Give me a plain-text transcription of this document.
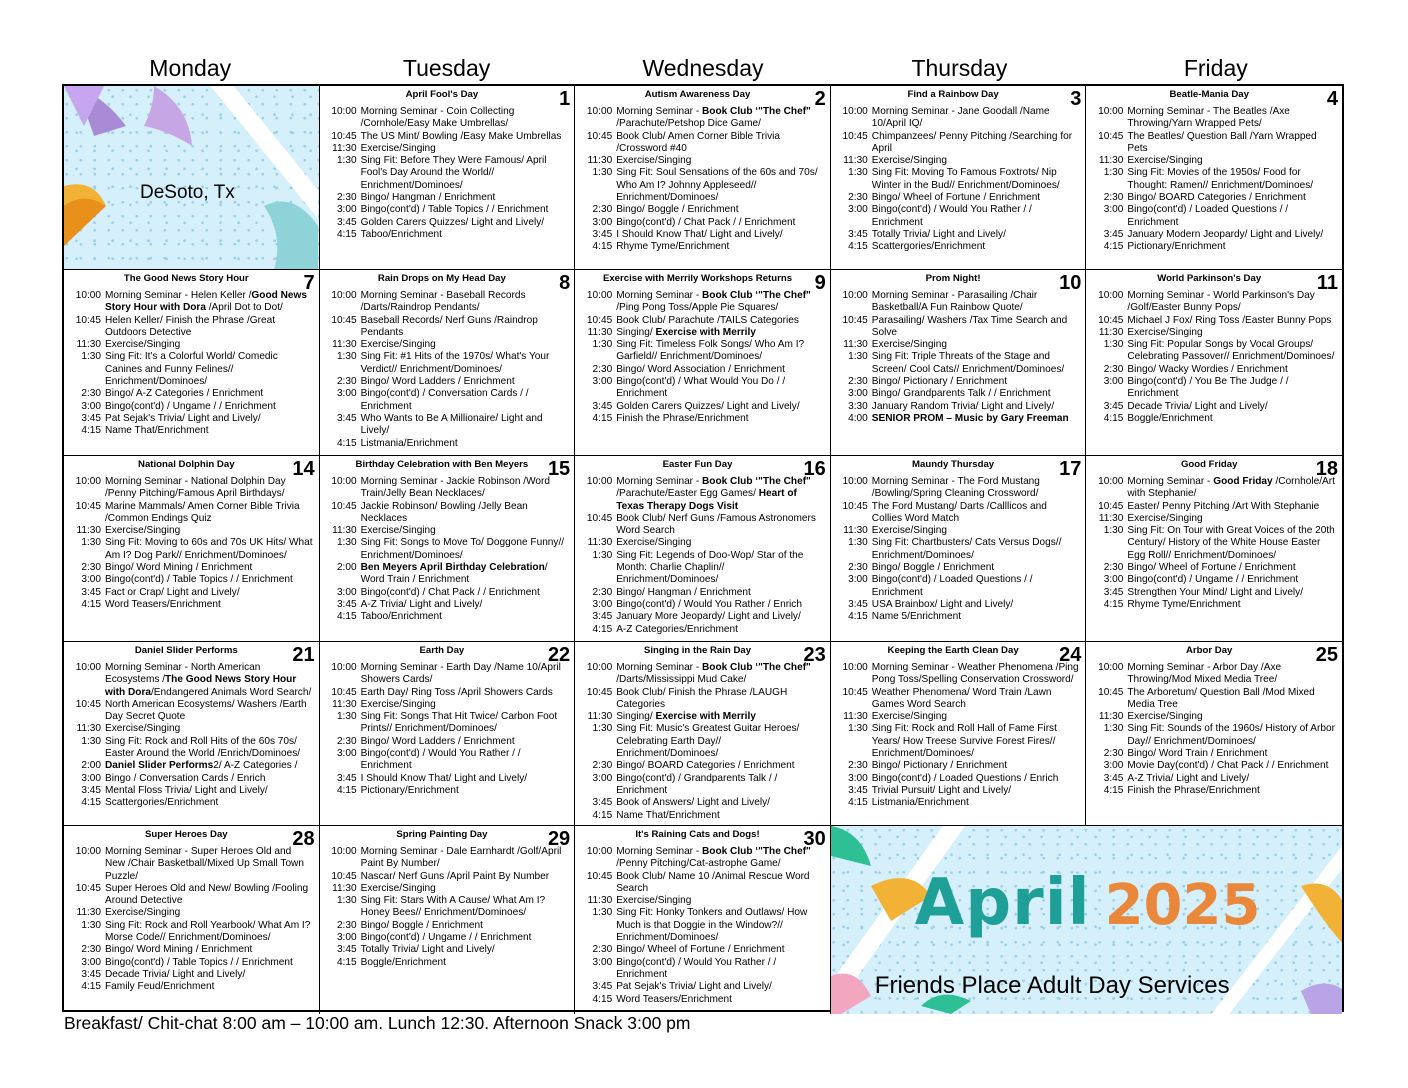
Monday	Tuesday	Wednesday	Thursday	Friday
DeSoto, Tx
April Fool's Day	1
10:00 Morning Seminar - Coin Collecting /Cornhole/Easy Make Umbrellas/
10:45 The US Mint/ Bowling /Easy Make Umbrellas
11:30 Exercise/Singing
1:30 Sing Fit: Before They Were Famous/ April Fool's Day Around the World// Enrichment/Dominoes/
2:30 Bingo/ Hangman / Enrichment
3:00 Bingo(cont'd) / Table Topics / / Enrichment
3:45 Golden Carers Quizzes/ Light and Lively/
4:15 Taboo/Enrichment
Autism Awareness Day	2
10:00 Morning Seminar - Book Club ‘"The Chef" /Parachute/Petshop Dice Game/
10:45 Book Club/ Amen Corner Bible Trivia /Crossword #40
11:30 Exercise/Singing
1:30 Sing Fit: Soul Sensations of the 60s and 70s/ Who Am I? Johnny Appleseed// Enrichment/Dominoes/
2:30 Bingo/ Boggle / Enrichment
3:00 Bingo(cont'd) / Chat Pack / / Enrichment
3:45 I Should Know That/ Light and Lively/
4:15 Rhyme Tyme/Enrichment
Find a Rainbow Day	3
10:00 Morning Seminar - Jane Goodall /Name 10/April IQ/
10:45 Chimpanzees/ Penny Pitching /Searching for April
11:30 Exercise/Singing
1:30 Sing Fit: Moving To Famous Foxtrots/ Nip Winter in the Bud// Enrichment/Dominoes/
2:30 Bingo/ Wheel of Fortune / Enrichment
3:00 Bingo(cont'd) / Would You Rather / / Enrichment
3:45 Totally Trivia/ Light and Lively/
4:15 Scattergories/Enrichment
Beatle-Mania Day	4
10:00 Morning Seminar - The Beatles /Axe Throwing/Yarn Wrapped Pets/
10:45 The Beatles/ Question Ball /Yarn Wrapped Pets
11:30 Exercise/Singing
1:30 Sing Fit: Movies of the 1950s/ Food for Thought: Ramen// Enrichment/Dominoes/
2:30 Bingo/ BOARD Categories / Enrichment
3:00 Bingo(cont'd) / Loaded Questions / / Enrichment
3:45 January Modern Jeopardy/ Light and Lively/
4:15 Pictionary/Enrichment
The Good News Story Hour	7
10:00 Morning Seminar - Helen Keller /Good News Story Hour with Dora /April Dot to Dot/
10:45 Helen Keller/ Finish the Phrase /Great Outdoors Detective
11:30 Exercise/Singing
1:30 Sing Fit: It's a Colorful World/ Comedic Canines and Funny Felines// Enrichment/Dominoes/
2:30 Bingo/ A-Z Categories / Enrichment
3:00 Bingo(cont'd) / Ungame / / Enrichment
3:45 Pat Sejak's Trivia/ Light and Lively/
4:15 Name That/Enrichment
Rain Drops on My Head Day	8
10:00 Morning Seminar - Baseball Records /Darts/Raindrop Pendants/
10:45 Baseball Records/ Nerf Guns /Raindrop Pendants
11:30 Exercise/Singing
1:30 Sing Fit: #1 Hits of the 1970s/ What's Your Verdict// Enrichment/Dominoes/
2:30 Bingo/ Word Ladders / Enrichment
3:00 Bingo(cont'd) / Conversation Cards / / Enrichment
3:45 Who Wants to Be A Millionaire/ Light and Lively/
4:15 Listmania/Enrichment
Exercise with Merrily Workshops Returns	9
10:00 Morning Seminar - Book Club ‘"The Chef" /Ping Pong Toss/Apple Pie Squares/
10:45 Book Club/ Parachute /TAILS Categories
11:30 Singing/ Exercise with Merrily
1:30 Sing Fit: Timeless Folk Songs/ Who Am I? Garfield// Enrichment/Dominoes/
2:30 Bingo/ Word Association / Enrichment
3:00 Bingo(cont'd) / What Would You Do / / Enrichment
3:45 Golden Carers Quizzes/ Light and Lively/
4:15 Finish the Phrase/Enrichment
Prom Night!	10
10:00 Morning Seminar - Parasailing /Chair Basketball/A Fun Rainbow Quote/
10:45 Parasailing/ Washers /Tax Time Search and Solve
11:30 Exercise/Singing
1:30 Sing Fit: Triple Threats of the Stage and Screen/ Cool Cats// Enrichment/Dominoes/
2:30 Bingo/ Pictionary / Enrichment
3:00 Bingo/ Grandparents Talk / / Enrichment
3:30 January Random Trivia/ Light and Lively/
4:00 SENIOR PROM – Music by Gary Freeman
World Parkinson's Day	11
10:00 Morning Seminar - World Parkinson's Day /Golf/Easter Bunny Pops/
10:45 Michael J Fox/ Ring Toss /Easter Bunny Pops
11:30 Exercise/Singing
1:30 Sing Fit: Popular Songs by Vocal Groups/ Celebrating Passover// Enrichment/Dominoes/
2:30 Bingo/ Wacky Wordies / Enrichment
3:00 Bingo(cont'd) / You Be The Judge / / Enrichment
3:45 Decade Trivia/ Light and Lively/
4:15 Boggle/Enrichment
National Dolphin Day	14
10:00 Morning Seminar - National Dolphin Day /Penny Pitching/Famous April Birthdays/
10:45 Marine Mammals/ Amen Corner Bible Trivia /Common Endings Quiz
11:30 Exercise/Singing
1:30 Sing Fit: Moving to 60s and 70s UK Hits/ What Am I? Dog Park// Enrichment/Dominoes/
2:30 Bingo/ Word Mining / Enrichment
3:00 Bingo(cont'd) / Table Topics / / Enrichment
3:45 Fact or Crap/ Light and Lively/
4:15 Word Teasers/Enrichment
Birthday Celebration with Ben Meyers 15
10:00 Morning Seminar - Jackie Robinson /Word Train/Jelly Bean Necklaces/
10:45 Jackie Robinson/ Bowling /Jelly Bean Necklaces
11:30 Exercise/Singing
1:30 Sing Fit: Songs to Move To/ Doggone Funny// Enrichment/Dominoes/
2:00 Ben Meyers April Birthday Celebration/ Word Train / Enrichment
3:00 Bingo(cont'd) / Chat Pack / / Enrichment
3:45 A-Z Trivia/ Light and Lively/
4:15 Taboo/Enrichment
Easter Fun Day	16
10:00 Morning Seminar - Book Club ‘"The Chef" /Parachute/Easter Egg Games/ Heart of Texas Therapy Dogs Visit
10:45 Book Club/ Nerf Guns /Famous Astronomers Word Search
11:30 Exercise/Singing
1:30 Sing Fit: Legends of Doo-Wop/ Star of the Month: Charlie Chaplin// Enrichment/Dominoes/
2:30 Bingo/ Hangman / Enrichment
3:00 Bingo(cont'd) / Would You Rather / Enrich
3:45 January More Jeopardy/ Light and Lively/
4:15 A-Z Categories/Enrichment
Maundy Thursday	17
10:00 Morning Seminar - The Ford Mustang /Bowling/Spring Cleaning Crossword/
10:45 The Ford Mustang/ Darts /Calllicos and Collies Word Match
11:30 Exercise/Singing
1:30 Sing Fit: Chartbusters/ Cats Versus Dogs// Enrichment/Dominoes/
2:30 Bingo/ Boggle / Enrichment
3:00 Bingo(cont'd) / Loaded Questions / / Enrichment
3:45 USA Brainbox/ Light and Lively/
4:15 Name 5/Enrichment
Good Friday	18
10:00 Morning Seminar - Good Friday /Cornhole/Art with Stephanie/
10:45 Easter/ Penny Pitching /Art With Stephanie
11:30 Exercise/Singing
1:30 Sing Fit: On Tour with Great Voices of the 20th Century/ History of the White House Easter Egg Roll// Enrichment/Dominoes/
2:30 Bingo/ Wheel of Fortune / Enrichment
3:00 Bingo(cont'd) / Ungame / / Enrichment
3:45 Strengthen Your Mind/ Light and Lively/
4:15 Rhyme Tyme/Enrichment
Daniel Slider Performs	21
10:00 Morning Seminar - North American Ecosystems /The Good News Story Hour with Dora/Endangered Animals Word Search/
10:45 North American Ecosystems/ Washers /Earth Day Secret Quote
11:30 Exercise/Singing
1:30 Sing Fit: Rock and Roll Hits of the 60s 70s/ Easter Around the World /Enrich/Dominoes/
2:00 Daniel Slider Performs2/ A-Z Categories /
3:00 Bingo / Conversation Cards / Enrich
3:45 Mental Floss Trivia/ Light and Lively/
4:15 Scattergories/Enrichment
Earth Day	22
10:00 Morning Seminar - Earth Day /Name 10/April Showers Cards/
10:45 Earth Day/ Ring Toss /April Showers Cards
11:30 Exercise/Singing
1:30 Sing Fit: Songs That Hit Twice/ Carbon Foot Prints// Enrichment/Dominoes/
2:30 Bingo/ Word Ladders / Enrichment
3:00 Bingo(cont'd) / Would You Rather / / Enrichment
3:45 I Should Know That/ Light and Lively/
4:15 Pictionary/Enrichment
Singing in the Rain Day	23
10:00 Morning Seminar - Book Club ‘"The Chef" /Darts/Mississippi Mud Cake/
10:45 Book Club/ Finish the Phrase /LAUGH Categories
11:30 Singing/ Exercise with Merrily
1:30 Sing Fit: Music's Greatest Guitar Heroes/ Celebrating Earth Day// Enrichment/Dominoes/
2:30 Bingo/ BOARD Categories / Enrichment
3:00 Bingo(cont'd) / Grandparents Talk / / Enrichment
3:45 Book of Answers/ Light and Lively/
4:15 Name That/Enrichment
Keeping the Earth Clean Day	24
10:00 Morning Seminar - Weather Phenomena /Ping Pong Toss/Spelling Conservation Crossword/
10:45 Weather Phenomena/ Word Train /Lawn Games Word Search
11:30 Exercise/Singing
1:30 Sing Fit: Rock and Roll Hall of Fame First Years/ How Treese Survive Forest Fires// Enrichment/Dominoes/
2:30 Bingo/ Pictionary / Enrichment
3:00 Bingo(cont'd) / Loaded Questions / Enrich
3:45 Trivial Pursuit/ Light and Lively/
4:15 Listmania/Enrichment
Arbor Day	25
10:00 Morning Seminar - Arbor Day /Axe Throwing/Mod Mixed Media Tree/
10:45 The Arboretum/ Question Ball /Mod Mixed Media Tree
11:30 Exercise/Singing
1:30 Sing Fit: Sounds of the 1960s/ History of Arbor Day// Enrichment/Dominoes/
2:30 Bingo/ Word Train / Enrichment
3:00 Movie Day(cont'd) / Chat Pack / / Enrichment
3:45 A-Z Trivia/ Light and Lively/
4:15 Finish the Phrase/Enrichment
Super Heroes Day	28
10:00 Morning Seminar - Super Heroes Old and New /Chair Basketball/Mixed Up Small Town Puzzle/
10:45 Super Heroes Old and New/ Bowling /Fooling Around Detective
11:30 Exercise/Singing
1:30 Sing Fit: Rock and Roll Yearbook/ What Am I? Morse Code// Enrichment/Dominoes/
2:30 Bingo/ Word Mining / Enrichment
3:00 Bingo(cont'd) / Table Topics / / Enrichment
3:45 Decade Trivia/ Light and Lively/
4:15 Family Feud/Enrichment
Spring Painting Day	29
10:00 Morning Seminar - Dale Earnhardt /Golf/April Paint By Number/
10:45 Nascar/ Nerf Guns /April Paint By Number
11:30 Exercise/Singing
1:30 Sing Fit: Stars With A Cause/ What Am I? Honey Bees// Enrichment/Dominoes/
2:30 Bingo/ Boggle / Enrichment
3:00 Bingo(cont'd) / Ungame / / Enrichment
3:45 Totally Trivia/ Light and Lively/
4:15 Boggle/Enrichment
It's Raining Cats and Dogs!	30
10:00 Morning Seminar - Book Club ‘"The Chef" /Penny Pitching/Cat-astrophe Game/
10:45 Book Club/ Name 10 /Animal Rescue Word Search
11:30 Exercise/Singing
1:30 Sing Fit: Honky Tonkers and Outlaws/ How Much is that Doggie in the Window?// Enrichment/Dominoes/
2:30 Bingo/ Wheel of Fortune / Enrichment
3:00 Bingo(cont'd) / Would You Rather / / Enrichment
3:45 Pat Sejak's Trivia/ Light and Lively/
4:15 Word Teasers/Enrichment
April 2025
Friends Place Adult Day Services
Breakfast/ Chit-chat 8:00 am – 10:00 am. Lunch 12:30. Afternoon Snack 3:00 pm
